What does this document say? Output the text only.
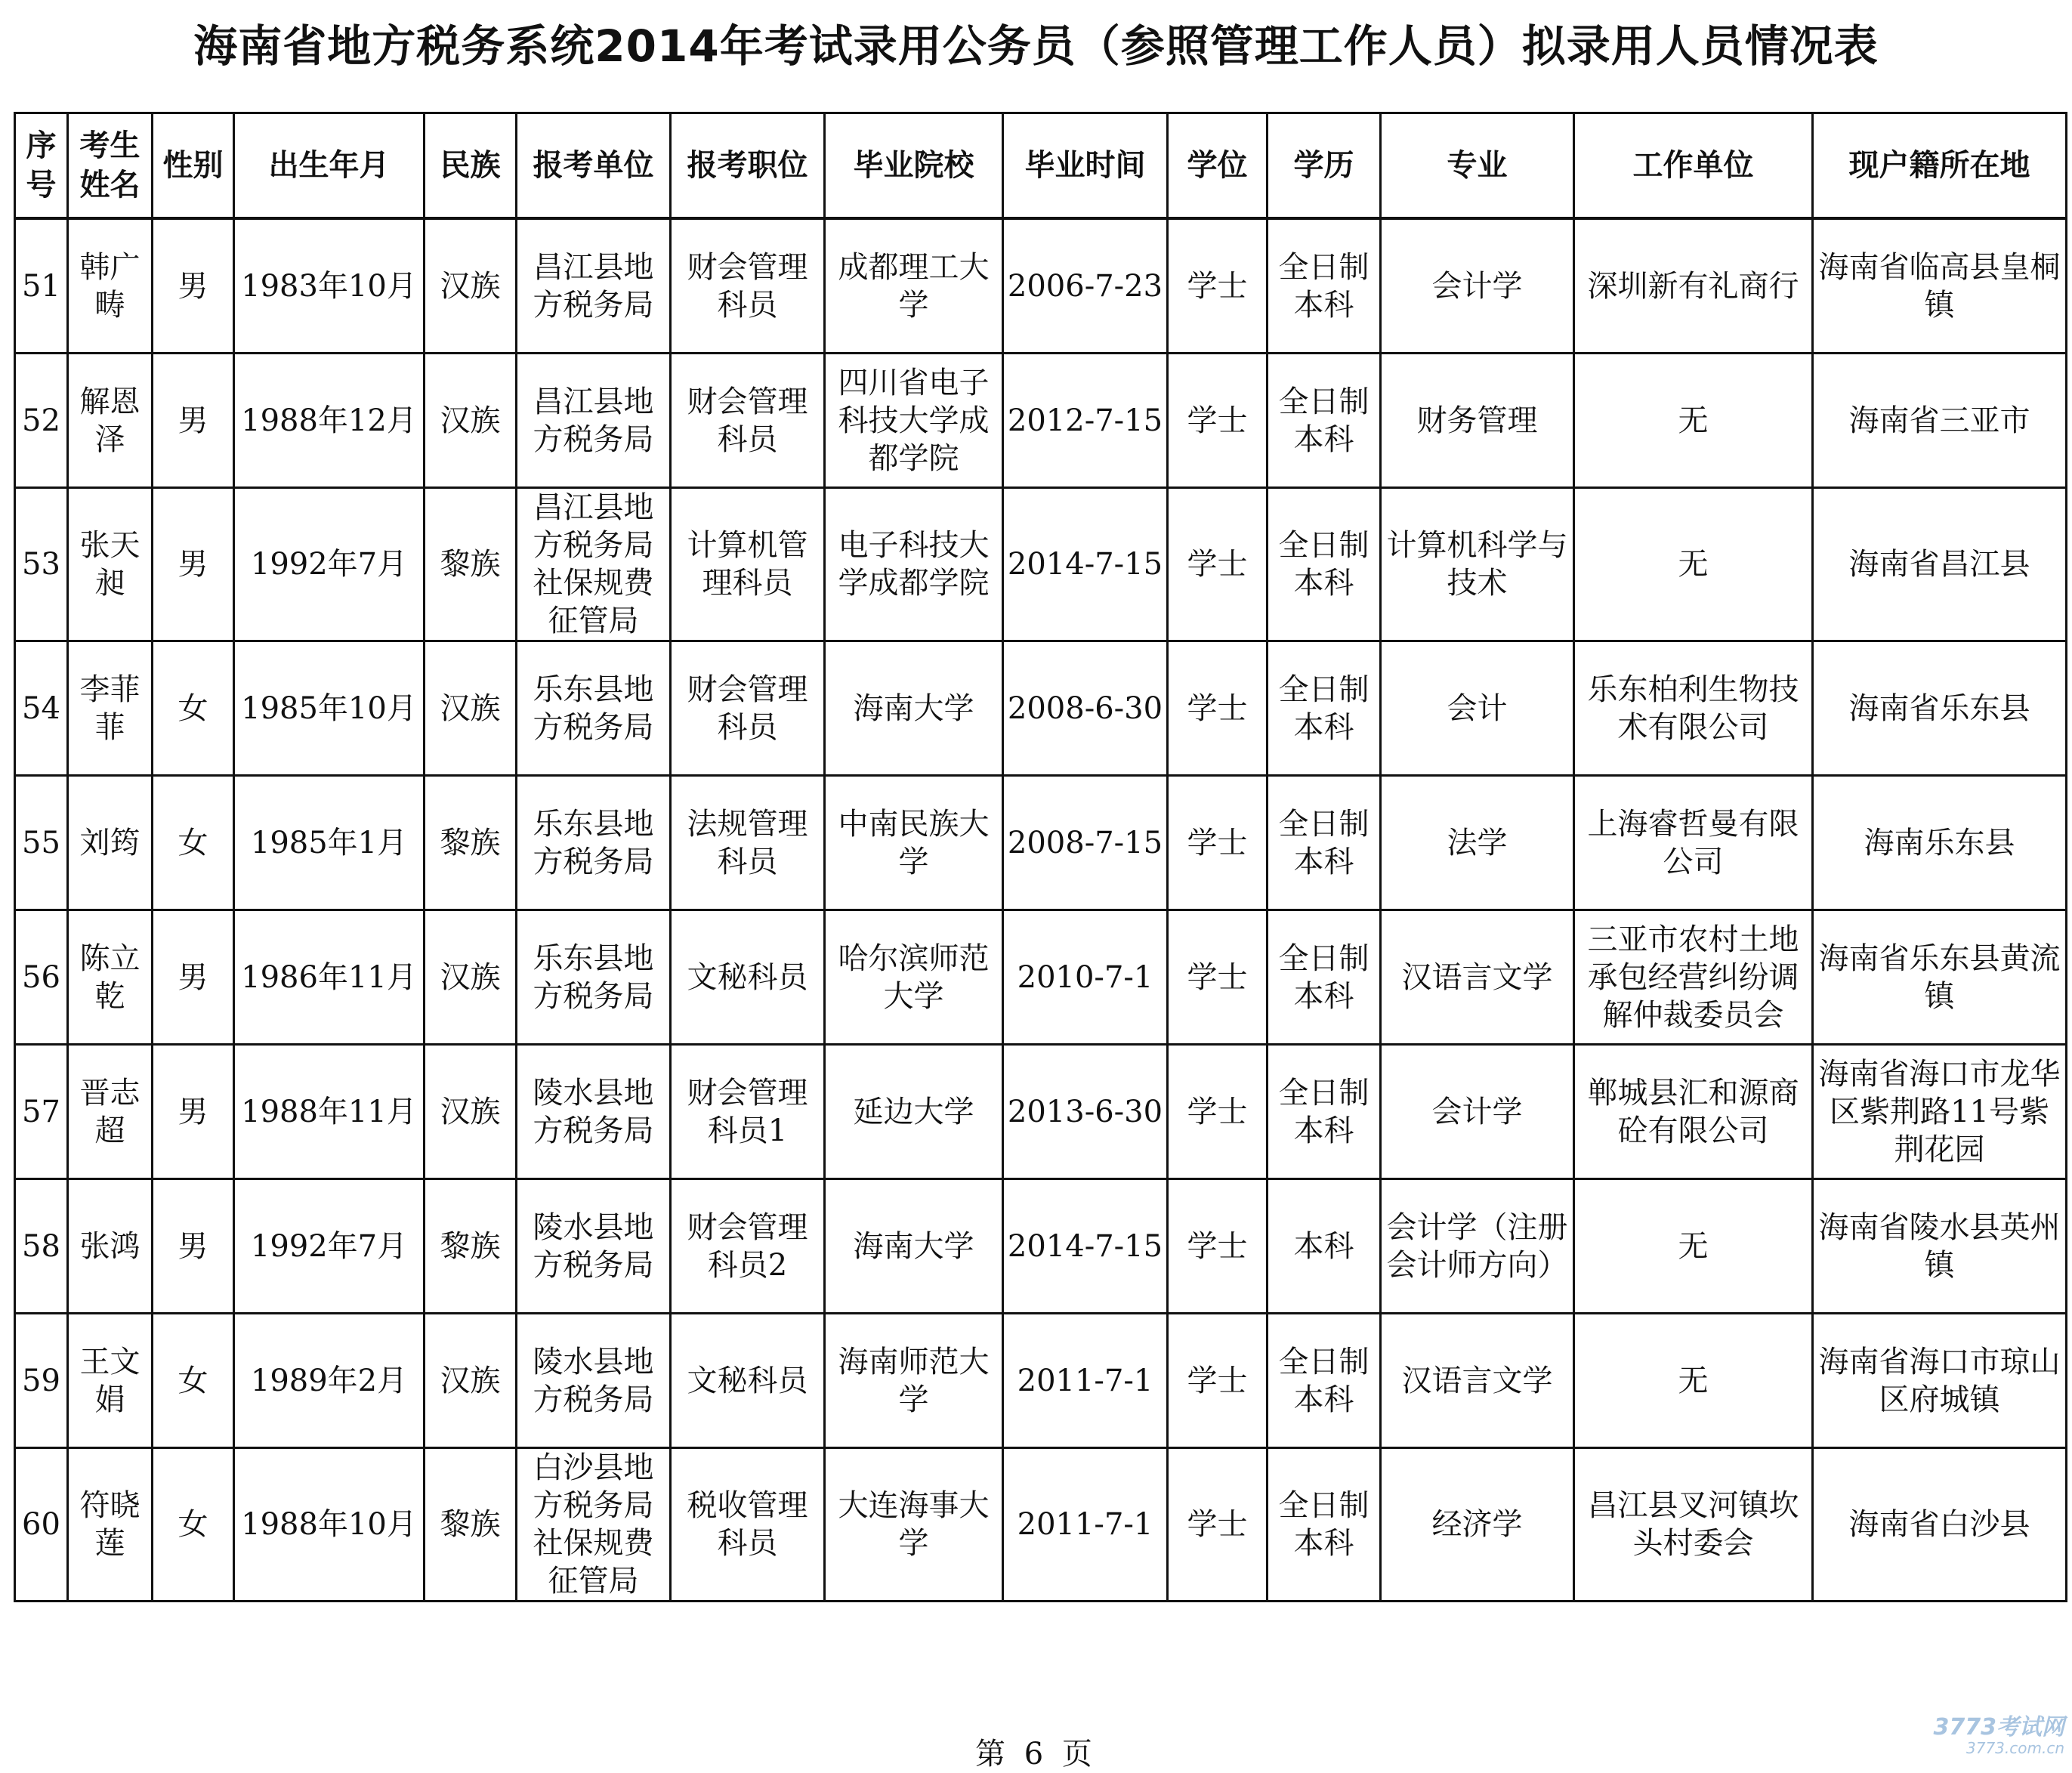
海南省地方税务系统2014年考试录用公务员（参照管理工作人员）拟录用人员情况表
序号	考生姓名	性别	出生年月	民族	报考单位	报考职位	毕业院校	毕业时间	学位	学历	专业	工作单位	现户籍所在地
51	韩广畴	男	1983年10月	汉族	昌江县地方税务局	财会管理科员	成都理工大学	2006-7-23	学士	全日制本科	会计学	深圳新有礼商行	海南省临高县皇桐镇
52	解恩泽	男	1988年12月	汉族	昌江县地方税务局	财会管理科员	四川省电子科技大学成都学院	2012-7-15	学士	全日制本科	财务管理	无	海南省三亚市
53	张天昶	男	1992年7月	黎族	昌江县地方税务局社保规费征管局	计算机管理科员	电子科技大学成都学院	2014-7-15	学士	全日制本科	计算机科学与技术	无	海南省昌江县
54	李菲菲	女	1985年10月	汉族	乐东县地方税务局	财会管理科员	海南大学	2008-6-30	学士	全日制本科	会计	乐东柏利生物技术有限公司	海南省乐东县
55	刘筠	女	1985年1月	黎族	乐东县地方税务局	法规管理科员	中南民族大学	2008-7-15	学士	全日制本科	法学	上海睿哲曼有限公司	海南乐东县
56	陈立乾	男	1986年11月	汉族	乐东县地方税务局	文秘科员	哈尔滨师范大学	2010-7-1	学士	全日制本科	汉语言文学	三亚市农村土地承包经营纠纷调解仲裁委员会	海南省乐东县黄流镇
57	晋志超	男	1988年11月	汉族	陵水县地方税务局	财会管理科员1	延边大学	2013-6-30	学士	全日制本科	会计学	郸城县汇和源商砼有限公司	海南省海口市龙华区紫荆路11号紫荆花园
58	张鸿	男	1992年7月	黎族	陵水县地方税务局	财会管理科员2	海南大学	2014-7-15	学士	本科	会计学（注册会计师方向）	无	海南省陵水县英州镇
59	王文娟	女	1989年2月	汉族	陵水县地方税务局	文秘科员	海南师范大学	2011-7-1	学士	全日制本科	汉语言文学	无	海南省海口市琼山区府城镇
60	符晓莲	女	1988年10月	黎族	白沙县地方税务局社保规费征管局	税收管理科员	大连海事大学	2011-7-1	学士	全日制本科	经济学	昌江县叉河镇坎头村委会	海南省白沙县
第 6 页
3773考试网
3773.com.cn
